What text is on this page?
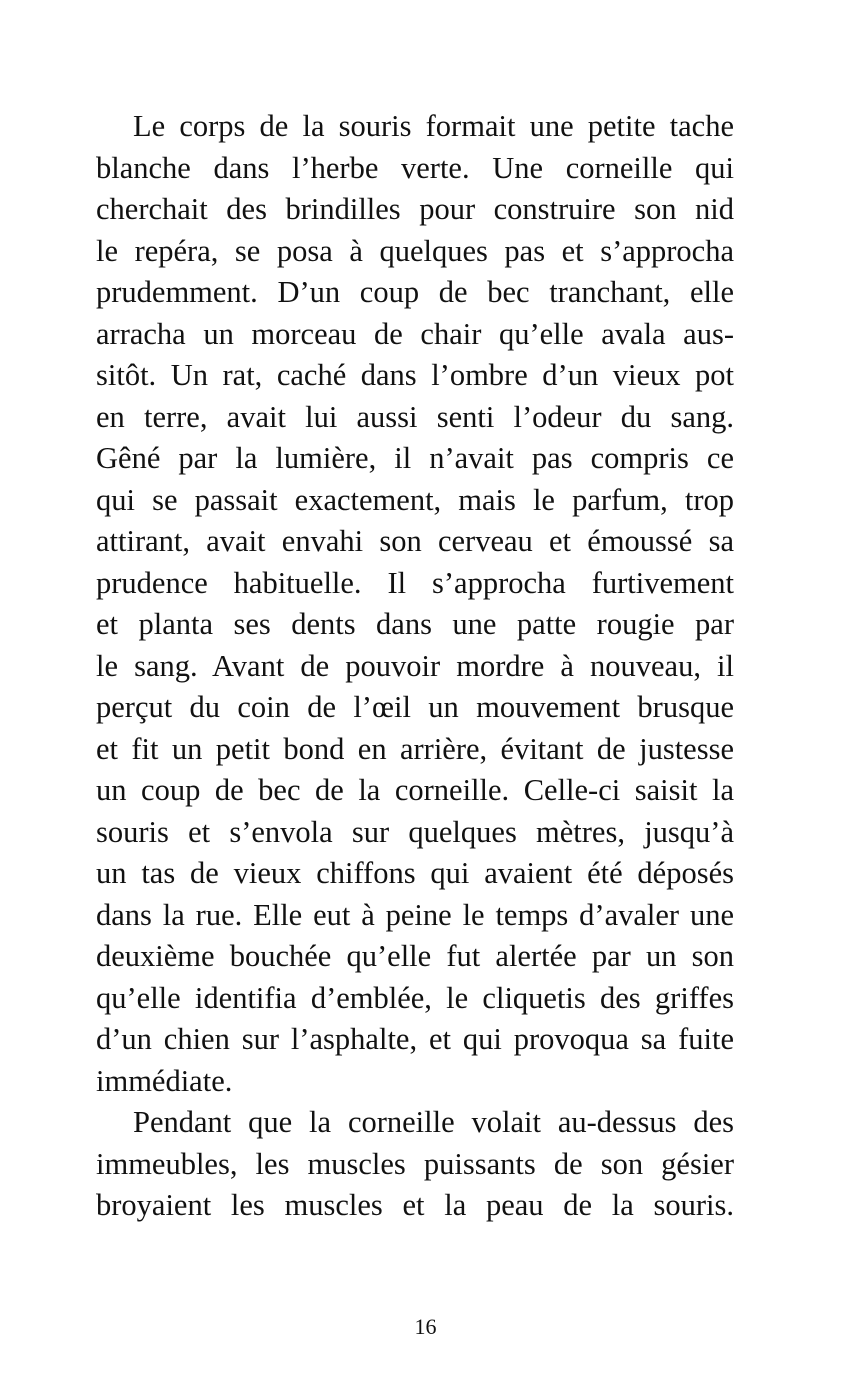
Le corps de la souris formait une petite tache
blanche dans l’herbe verte. Une corneille qui
cherchait des brindilles pour construire son nid
le repéra, se posa à quelques pas et s’approcha
prudemment. D’un coup de bec tranchant, elle
arracha un morceau de chair qu’elle avala aus-
sitôt. Un rat, caché dans l’ombre d’un vieux pot
en terre, avait lui aussi senti l’odeur du sang.
Gêné par la lumière, il n’avait pas compris ce
qui se passait exactement, mais le parfum, trop
attirant, avait envahi son cerveau et émoussé sa
prudence habituelle. Il s’approcha furtivement
et planta ses dents dans une patte rougie par
le sang. Avant de pouvoir mordre à nouveau, il
perçut du coin de l’œil un mouvement brusque
et fit un petit bond en arrière, évitant de justesse
un coup de bec de la corneille. Celle-ci saisit la
souris et s’envola sur quelques mètres, jusqu’à
un tas de vieux chiffons qui avaient été déposés
dans la rue. Elle eut à peine le temps d’avaler une
deuxième bouchée qu’elle fut alertée par un son
qu’elle identifia d’emblée, le cliquetis des griffes
d’un chien sur l’asphalte, et qui provoqua sa fuite
immédiate.
Pendant que la corneille volait au-dessus des
immeubles, les muscles puissants de son gésier
broyaient les muscles et la peau de la souris.
16
